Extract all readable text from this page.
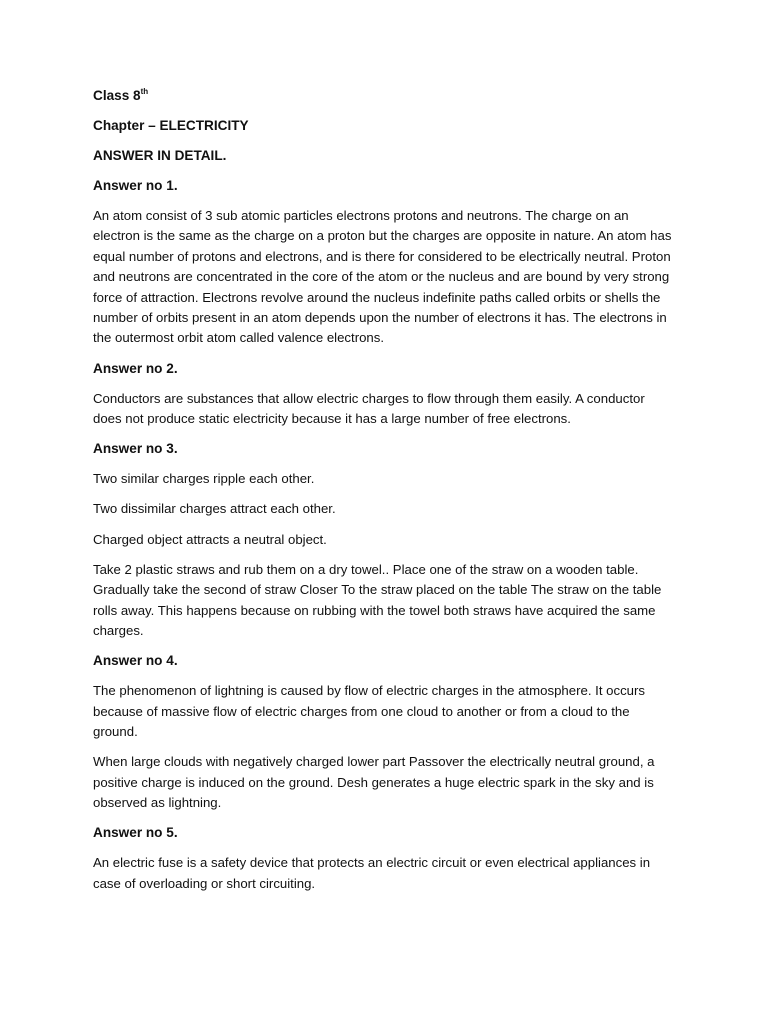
Class 8th
Chapter – ELECTRICITY
ANSWER IN DETAIL.
Answer no 1.

An atom consist of 3 sub atomic particles electrons protons and neutrons. The charge on an electron is the same as the charge on a proton but the charges are opposite in nature. An atom has equal number of protons and electrons, and is there for considered to be electrically neutral. Proton and neutrons are concentrated in the core of the atom or the nucleus and are bound by very strong force of attraction. Electrons revolve around the nucleus indefinite paths called orbits or shells the number of orbits present in an atom depends upon the number of electrons it has. The electrons in the outermost orbit atom called valence electrons.

Answer no 2.

Conductors are substances that allow electric charges to flow through them easily. A conductor does not produce static electricity because it has a large number of free electrons.

Answer no 3.

Two similar charges ripple each other.

Two dissimilar charges attract each other.

Charged object attracts a neutral object.

Take 2 plastic straws and rub them on a dry towel.. Place one of the straw on a wooden table. Gradually take the second of straw Closer To the straw placed on the table The straw on the table rolls away. This happens because on rubbing with the towel both straws have acquired the same charges.

Answer no 4.

The phenomenon of lightning is caused by flow of electric charges in the atmosphere. It occurs because of massive flow of electric charges from one cloud to another or from a cloud to the ground.

When large clouds with negatively charged lower part Passover the electrically neutral ground, a positive charge is induced on the ground. Desh generates a huge electric spark in the sky and is observed as lightning.

Answer no 5.

An electric fuse is a safety device that protects an electric circuit or even electrical appliances in case of overloading or short circuiting.
